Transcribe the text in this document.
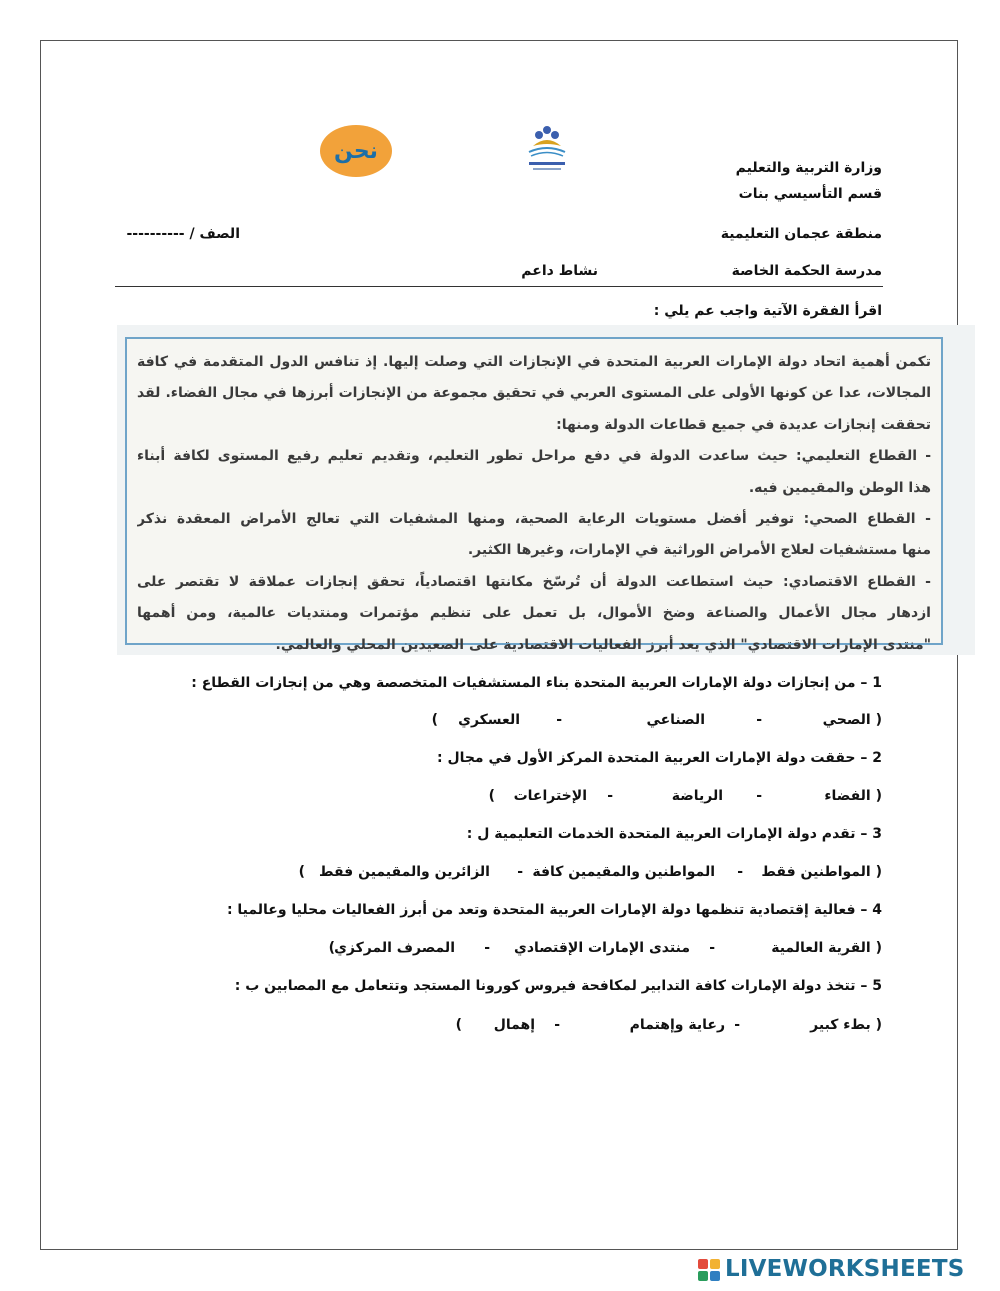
نحن
وزارة التربية والتعليم
قسم التأسيسي بنات
منطقة عجمان التعليمية
مدرسة الحكمة الخاصة
الصف / ----------
نشاط داعم
اقرأ الفقرة الآتية واجب عم يلي :
تكمن أهمية اتحاد دولة الإمارات العربية المتحدة في الإنجازات التي وصلت إليها. إذ تنافس الدول المتقدمة في كافة
المجالات، عدا عن كونها الأولى على المستوى العربي في تحقيق مجموعة من الإنجازات أبرزها في مجال الفضاء. لقد
تحققت إنجازات عديدة في جميع قطاعات الدولة ومنها:
- القطاع التعليمي: حيث ساعدت الدولة في دفع مراحل تطور التعليم، وتقديم تعليم رفيع المستوى لكافة أبناء
هذا الوطن والمقيمين فيه.
- القطاع الصحي: توفير أفضل مستويات الرعاية الصحية، ومنها المشفيات التي تعالج الأمراض المعقدة نذكر
منها مستشفيات لعلاج الأمراض الوراثية في الإمارات، وغيرها الكثير.
- القطاع الاقتصادي: حيث استطاعت الدولة أن تُرسّخ مكانتها اقتصادياً، تحقق إنجازات عملاقة لا تقتصر على
ازدهار مجال الأعمال والصناعة وضخ الأموال، بل تعمل على تنظيم مؤتمرات ومنتديات عالمية، ومن أهمها
"منتدى الإمارات الاقتصادي" الذي يعد أبرز الفعاليات الاقتصادية على الصعيدين المحلي والعالمي.
1 – من إنجازات دولة الإمارات العربية المتحدة بناء المستشفيات المتخصصة وهي من إنجازات القطاع :
( الصحي
-
الصناعي
-
العسكري
)
2 – حققت دولة الإمارات العربية المتحدة المركز الأول في مجال :
( الفضاء
-
الرياضة
-
الإختراعات
)
3 – تقدم دولة الإمارات العربية المتحدة الخدمات التعليمية ل :
( المواطنين فقط
-
المواطنين والمقيمين كافة
-
الزائرين والمقيمين فقط
)
4 – فعالية إقتصادية تنظمها دولة الإمارات العربية المتحدة وتعد من أبرز الفعاليات محليا وعالميا :
( القرية العالمية
-
منتدى الإمارات الإقتصادي
-
المصرف المركزي
)
5 – تتخذ دولة الإمارات كافة التدابير لمكافحة فيروس كورونا المستجد وتتعامل مع المصابين ب :
( بطء كبير
-
رعاية وإهتمام
-
إهمال
)
LIVEWORKSHEETS
